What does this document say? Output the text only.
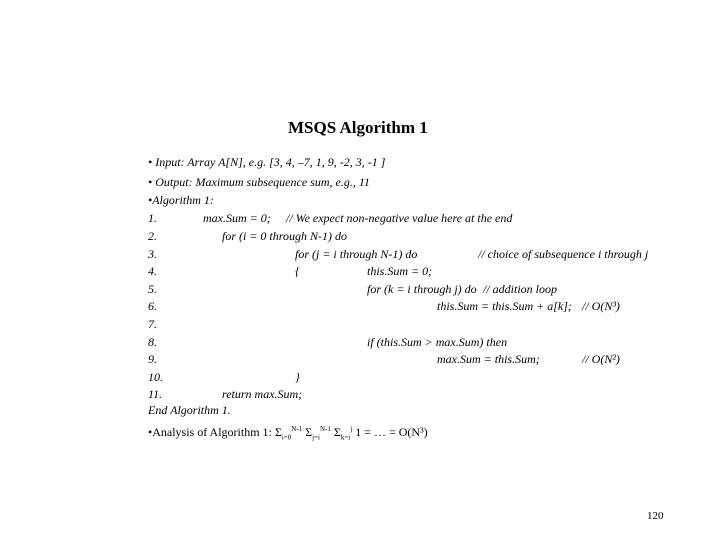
MSQS Algorithm 1
• Input: Array A[N], e.g. [3, 4, –7, 1, 9, -2, 3, -1 ]
• Output: Maximum subsequence sum, e.g., 11
•Algorithm 1:
1.	max.Sum = 0; // We expect non-negative value here at the end
2.	for (i = 0 through N-1) do
3.	for (j = i through N-1) do	// choice of subsequence i through j
4.	{	this.Sum = 0;
5.	for (k = i through j) do // addition loop
6.	this.Sum = this.Sum + a[k]; // O(N³)
7.
8.	if (this.Sum > max.Sum) then
9.	max.Sum = this.Sum;	// O(N²)
10.	}
11.	return max.Sum;
End Algorithm 1.
•Analysis of Algorithm 1: $\Sigma_{i=0}^{N-1}$ $\Sigma_{j=i}^{N-1}$ $\Sigma_{k=i}^j$ 1 = … = O(N³)
120
